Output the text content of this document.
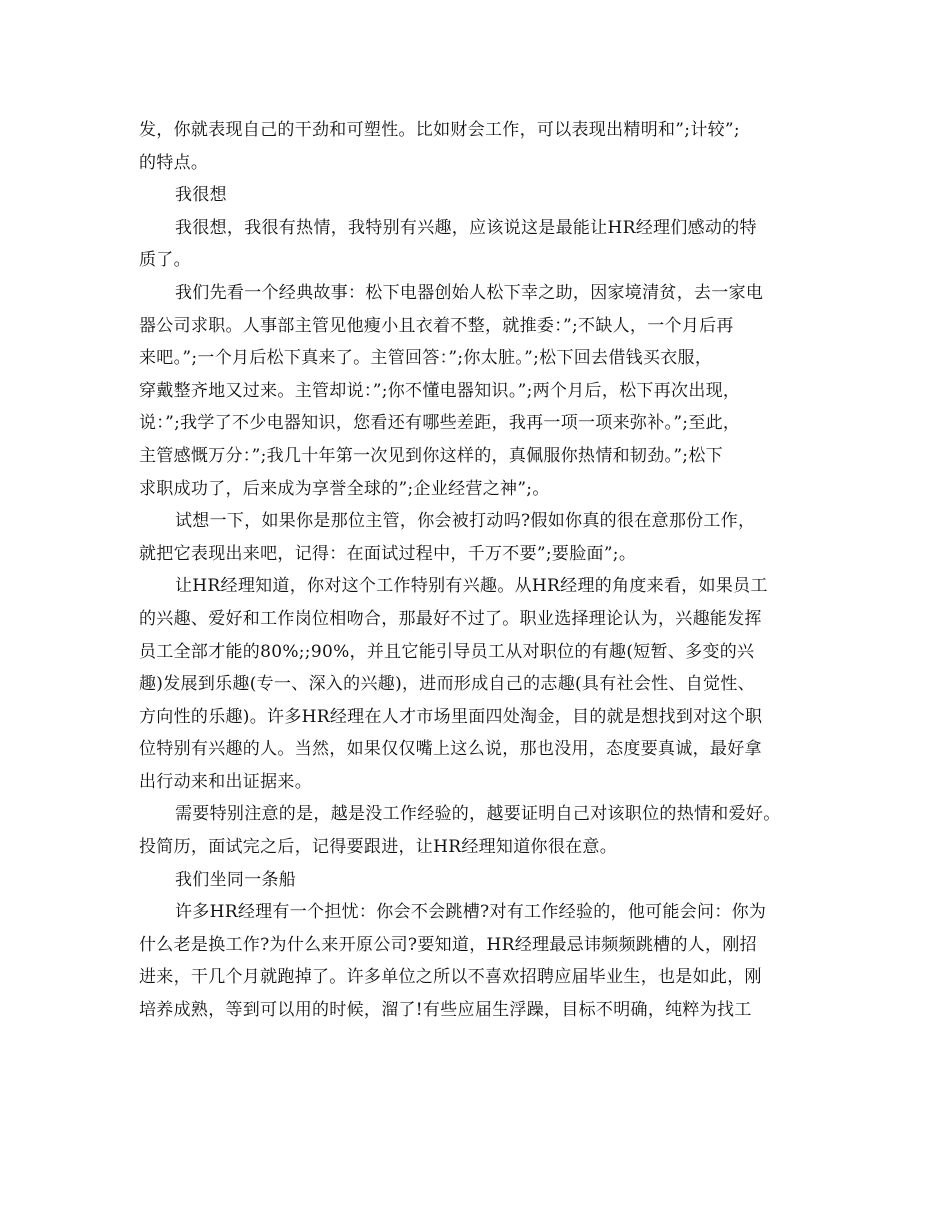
发，你就表现自己的干劲和可塑性。比如财会工作，可以表现出精明和”;计较”;
的特点。
我很想
我很想，我很有热情，我特别有兴趣，应该说这是最能让HR经理们感动的特
质了。
我们先看一个经典故事：松下电器创始人松下幸之助，因家境清贫，去一家电
器公司求职。人事部主管见他瘦小且衣着不整，就推委：”;不缺人，一个月后再
来吧。”;一个月后松下真来了。主管回答：”;你太脏。”;松下回去借钱买衣服，
穿戴整齐地又过来。主管却说：”;你不懂电器知识。”;两个月后，松下再次出现，
说：”;我学了不少电器知识，您看还有哪些差距，我再一项一项来弥补。”;至此，
主管感慨万分：”;我几十年第一次见到你这样的，真佩服你热情和韧劲。”;松下
求职成功了，后来成为享誉全球的”;企业经营之神”;。
试想一下，如果你是那位主管，你会被打动吗?假如你真的很在意那份工作，
就把它表现出来吧，记得：在面试过程中，千万不要”;要脸面”;。
让HR经理知道，你对这个工作特别有兴趣。从HR经理的角度来看，如果员工
的兴趣、爱好和工作岗位相吻合，那最好不过了。职业选择理论认为，兴趣能发挥
员工全部才能的80%;;90%，并且它能引导员工从对职位的有趣(短暂、多变的兴
趣)发展到乐趣(专一、深入的兴趣)，进而形成自己的志趣(具有社会性、自觉性、
方向性的乐趣)。许多HR经理在人才市场里面四处淘金，目的就是想找到对这个职
位特别有兴趣的人。当然，如果仅仅嘴上这么说，那也没用，态度要真诚，最好拿
出行动来和出证据来。
需要特别注意的是，越是没工作经验的，越要证明自己对该职位的热情和爱好。
投简历，面试完之后，记得要跟进，让HR经理知道你很在意。
我们坐同一条船
许多HR经理有一个担忧：你会不会跳槽?对有工作经验的，他可能会问：你为
什么老是换工作?为什么来开原公司?要知道，HR经理最忌讳频频跳槽的人，刚招
进来，干几个月就跑掉了。许多单位之所以不喜欢招聘应届毕业生，也是如此，刚
培养成熟，等到可以用的时候，溜了!有些应届生浮躁，目标不明确，纯粹为找工
